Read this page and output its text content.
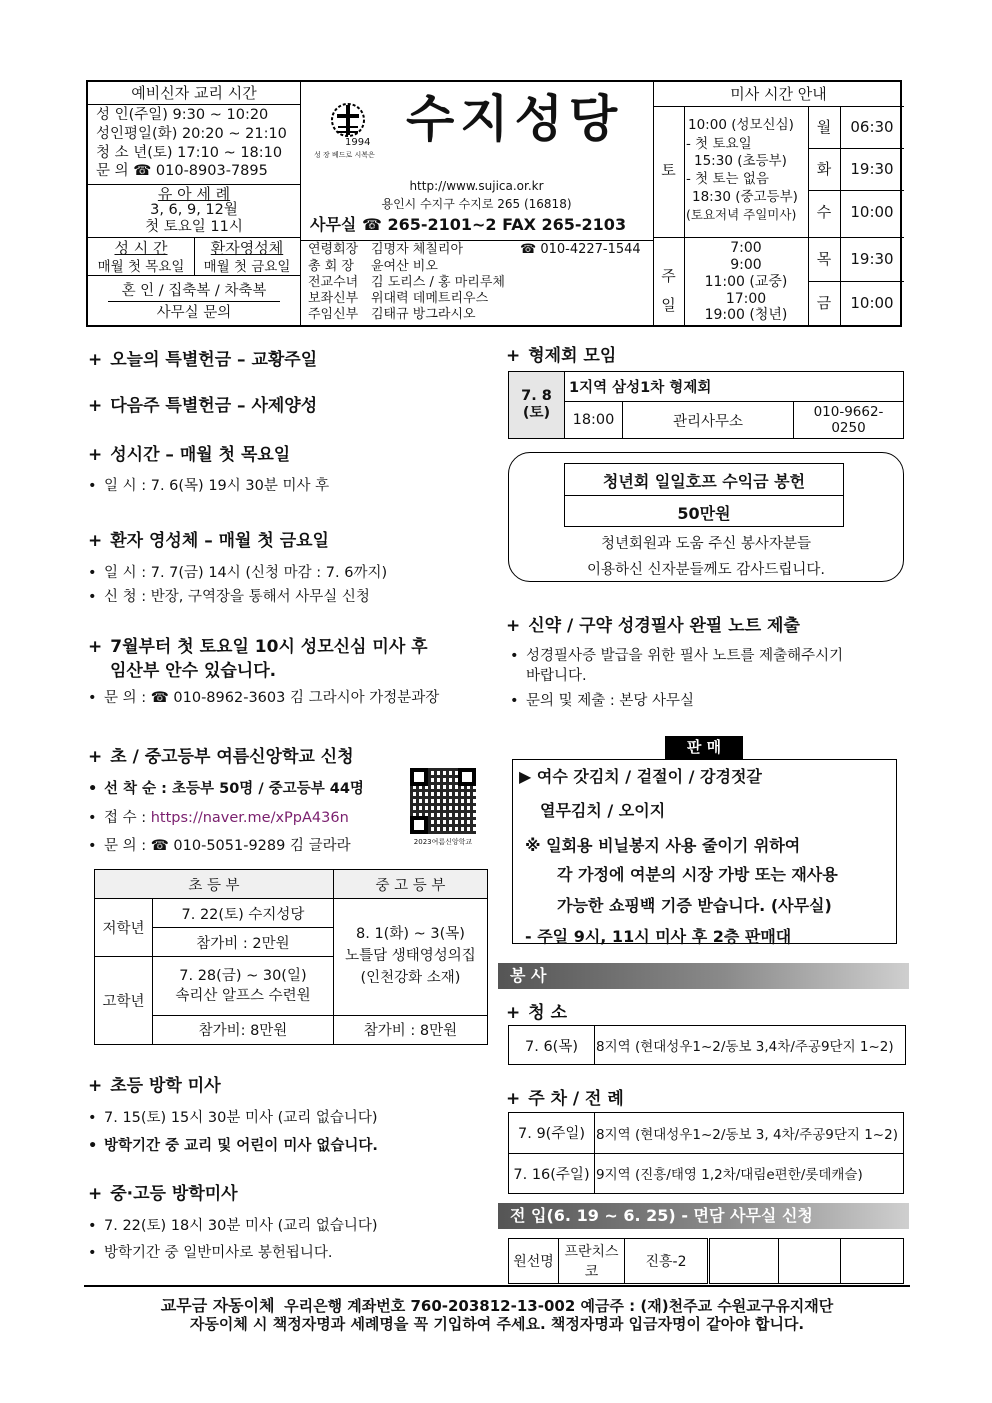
예비신자 교리 시간
성 인(주일) 9:30 ~ 10:20
성인평일(화) 20:20 ~ 21:10
청 소 년(토) 17:10 ~ 18:10
문 의 ☎ 010-8903-7895
유 아 세 례
3, 6, 9, 12월
첫 토요일 11시
성 시 간
매월 첫 목요일
환자영성체
매월 첫 금요일
혼 인 / 집축복 / 차축복
사무실 문의
1994
성 장 베드로 시복은
수지성당
http://www.sujica.or.kr
용인시 수지구 수지로 265 (16818)
사무실 ☎ 265-2101~2 FAX 265-2103
연령회장 김명자 체칠리아	☎ 010-4227-1544
총 회 장 윤여산 비오
전교수녀 김 도리스 / 홍 마리루체
보좌신부 위대력 데메트리우스
주임신부 김태규 방그라시오
미사 시간 안내
토
10:00 (성모신심)
- 첫 토요일
15:30 (초등부)
- 첫 토는 없음
18:30 (중고등부)
(토요저녁 주일미사)
주
일
7:00
9:00
11:00 (교중)
17:00
19:00 (청년)
월	06:30
화	19:30
수	10:00
목	19:30
금	10:00
+ 오늘의 특별헌금 – 교황주일
+ 다음주 특별헌금 – 사제양성
+ 성시간 – 매월 첫 목요일
• 일 시 : 7. 6(목) 19시 30분 미사 후
+ 환자 영성체 – 매월 첫 금요일
• 일 시 : 7. 7(금) 14시 (신청 마감 : 7. 6까지)
• 신 청 : 반장, 구역장을 통해서 사무실 신청
+ 7월부터 첫 토요일 10시 성모신심 미사 후
임산부 안수 있습니다.
• 문 의 : ☎ 010-8962-3603 김 그라시아 가정분과장
+ 초 / 중고등부 여름신앙학교 신청
• 선 착 순 : 초등부 50명 / 중고등부 44명
• 접 수 : https://naver.me/xPpA436n
• 문 의 : ☎ 010-5051-9289 김 글라라	2023여름신앙학교
초 등 부		중 고 등 부
저학년	7. 22(토) 수지성당	8. 1(화) ~ 3(목)
노틀담 생태영성의집
(인천강화 소재)
	참가비 : 2만원	
고학년	7. 28(금) ~ 30(일)
속리산 알프스 수련원	
	참가비: 8만원	참가비 : 8만원
+ 초등 방학 미사
• 7. 15(토) 15시 30분 미사 (교리 없습니다)
• 방학기간 중 교리 및 어린이 미사 없습니다.
+ 중·고등 방학미사
• 7. 22(토) 18시 30분 미사 (교리 없습니다)
• 방학기간 중 일반미사로 봉헌됩니다.
+ 형제회 모임
7. 8
(토)	1지역 삼성1차 형제회		
	18:00	관리사무소	010-9662-0250
청년회 일일호프 수익금 봉헌
50만원
청년회원과 도움 주신 봉사자분들
이용하신 신자분들께도 감사드립니다.
+ 신약 / 구약 성경필사 완필 노트 제출
• 성경필사증 발급을 위한 필사 노트를 제출해주시기
바랍니다.
• 문의 및 제출 : 본당 사무실
판 매
▶ 여수 갓김치 / 겉절이 / 강경젓갈
열무김치 / 오이지
※ 일회용 비닐봉지 사용 줄이기 위하여
각 가정에 여분의 시장 가방 또는 재사용
가능한 쇼핑백 기증 받습니다. (사무실)
- 주일 9시, 11시 미사 후 2층 판매대
봉 사
+ 청 소
7. 6(목)	8지역 (현대성우1~2/동보 3,4차/주공9단지 1~2)
+ 주 차 / 전 례
7. 9(주일)	8지역 (현대성우1~2/동보 3, 4차/주공9단지 1~2)
7. 16(주일)	9지역 (진흥/태영 1,2차/대림e편한/롯데캐슬)
전 입(6. 19 ~ 6. 25) - 면담 사무실 신청
원선명	프란치스코	진흥-2			
교무금 자동이체 우리은행 계좌번호 760-203812-13-002 예금주 : (재)천주교 수원교구유지재단
자동이체 시 책정자명과 세례명을 꼭 기입하여 주세요. 책정자명과 입금자명이 같아야 합니다.
